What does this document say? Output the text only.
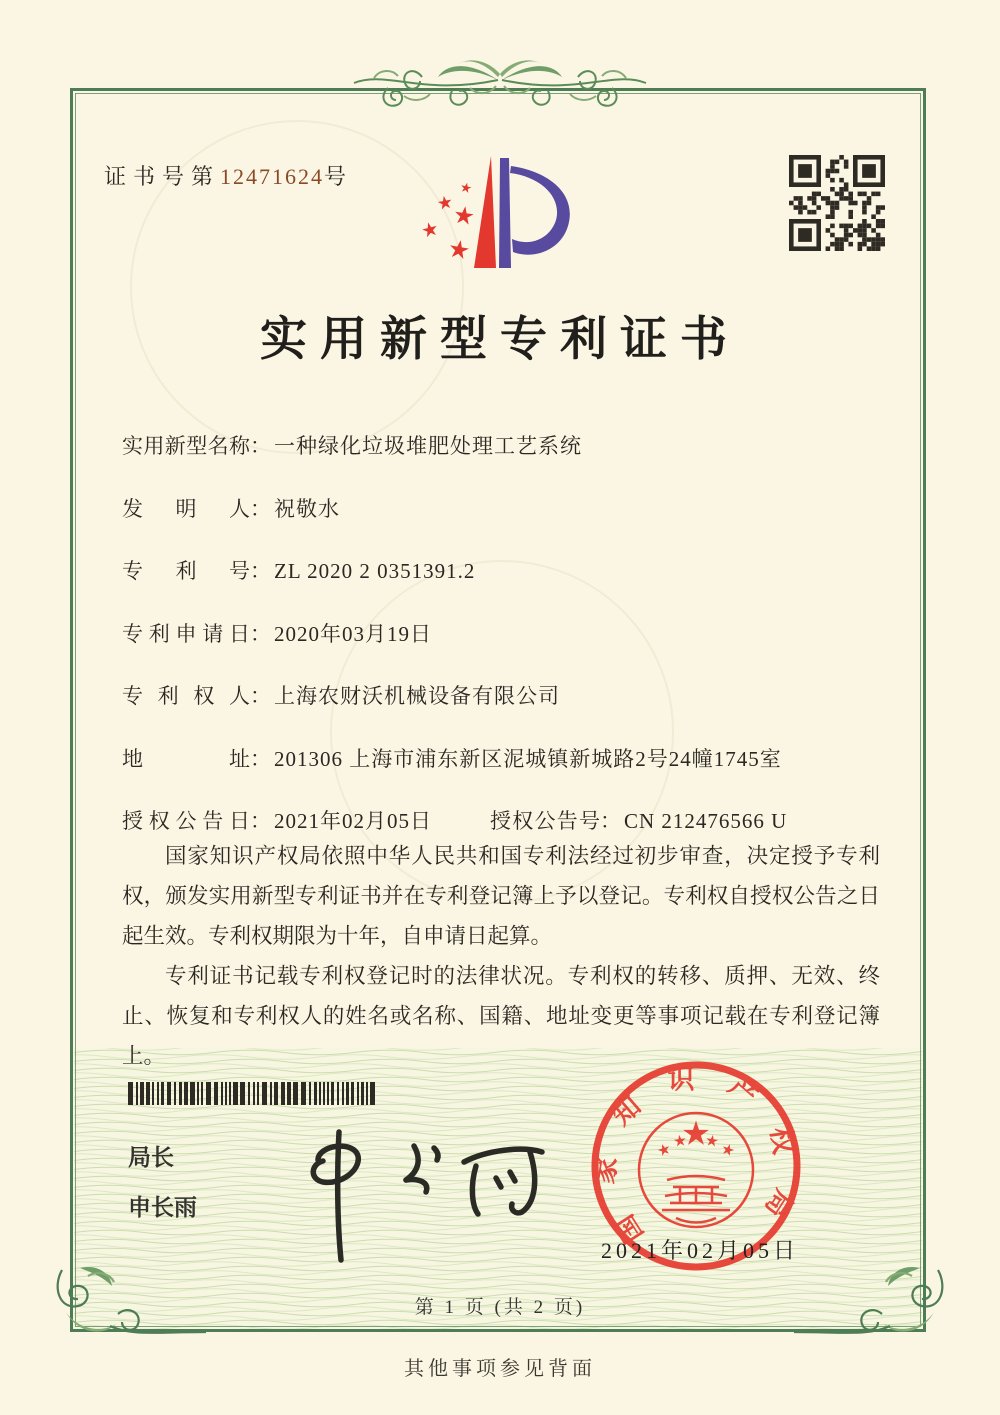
证书号第12471624号
实用新型专利证书
实用新型名称： 一种绿化垃圾堆肥处理工艺系统
发明人： 祝敬水
专利号： ZL 2020 2 0351391.2
专利申请日： 2020年03月19日
专利权人： 上海农财沃机械设备有限公司
地址： 201306 上海市浦东新区泥城镇新城路2号24幢1745室
授权公告日： 2021年02月05日	授权公告号： CN 212476566 U

国家知识产权局依照中华人民共和国专利法经过初步审查，决定授予专利权，颁发实用新型专利证书并在专利登记簿上予以登记。专利权自授权公告之日起生效。专利权期限为十年，自申请日起算。

专利证书记载专利权登记时的法律状况。专利权的转移、质押、无效、终止、恢复和专利权人的姓名或名称、国籍、地址变更等事项记载在专利登记簿上。

局长
申长雨	国家知识产权局
2021年02月05日
第 1 页 (共 2 页)
其他事项参见背面
